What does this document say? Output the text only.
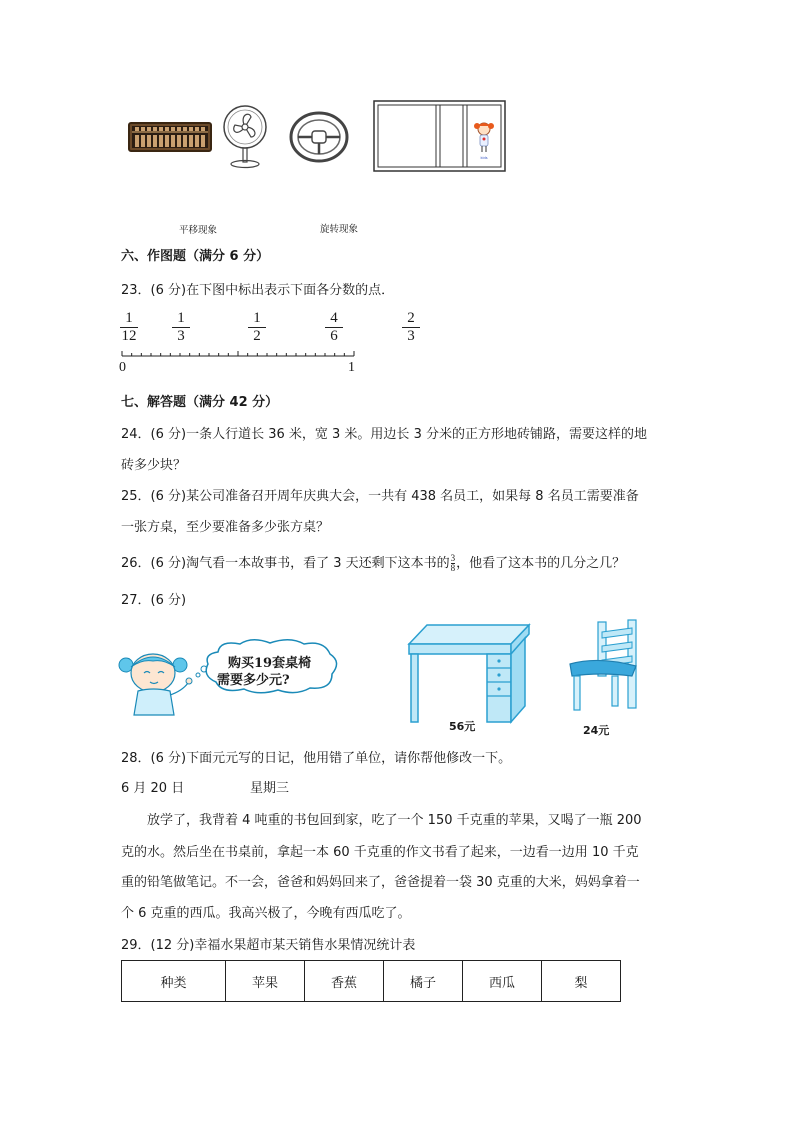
kids
平移现象	旋转现象
六、作图题（满分 6 分）
23．(6 分)在下图中标出表示下面各分数的点．
1
12
1
3
1
2
4
6
2
3
0	1
七、解答题（满分 42 分）
24．(6 分)一条人行道长 36 米，宽 3 米。用边长 3 分米的正方形地砖铺路，需要这样的地
砖多少块？
25．(6 分)某公司准备召开周年庆典大会，一共有 438 名员工，如果每 8 名员工需要准备
一张方桌，至少要准备多少张方桌？
26．(6 分)淘气看一本故事书，看了 3 天还剩下这本书的$\frac{3}{8}$，他看了这本书的几分之几？
27．(6 分)
购买19套桌椅
需要多少元?
56元	24元
28．(6 分)下面元元写的日记，他用错了单位，请你帮他修改一下。
6 月 20 日	星期三
放学了，我背着 4 吨重的书包回到家，吃了一个 150 千克重的苹果，又喝了一瓶 200
克的水。然后坐在书桌前，拿起一本 60 千克重的作文书看了起来，一边看一边用 10 千克
重的铅笔做笔记。不一会，爸爸和妈妈回来了，爸爸提着一袋 30 克重的大米，妈妈拿着一
个 6 克重的西瓜。我高兴极了，今晚有西瓜吃了。
29．(12 分)幸福水果超市某天销售水果情况统计表
种类	苹果	香蕉	橘子	西瓜	梨
